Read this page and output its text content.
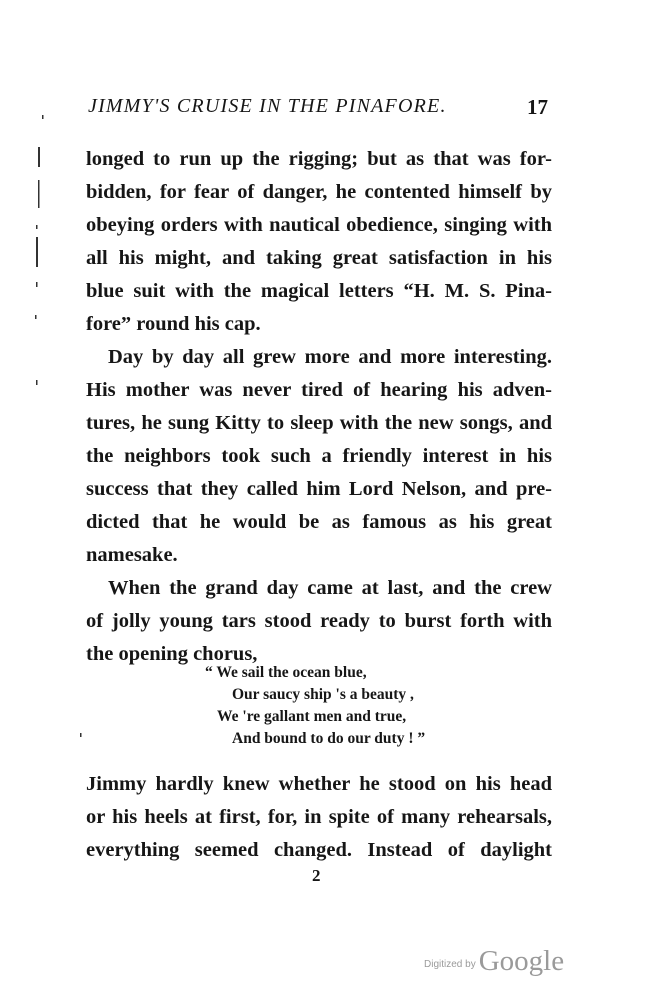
JIMMY'S CRUISE IN THE PINAFORE.	17
longed to run up the rigging; but as that was for-
bidden, for fear of danger, he contented himself by
obeying orders with nautical obedience, singing with
all his might, and taking great satisfaction in his
blue suit with the magical letters “H. M. S. Pina-
fore” round his cap.
Day by day all grew more and more interesting.
His mother was never tired of hearing his adven-
tures, he sung Kitty to sleep with the new songs, and
the neighbors took such a friendly interest in his
success that they called him Lord Nelson, and pre-
dicted that he would be as famous as his great
namesake.
When the grand day came at last, and the crew
of jolly young tars stood ready to burst forth with
the opening chorus,
“ We sail the ocean blue,
Our saucy ship 's a beauty ,
We 're gallant men and true,
And bound to do our duty ! ”
Jimmy hardly knew whether he stood on his head
or his heels at first, for, in spite of many rehearsals,
everything seemed changed. Instead of daylight
2
Digitized by Google
